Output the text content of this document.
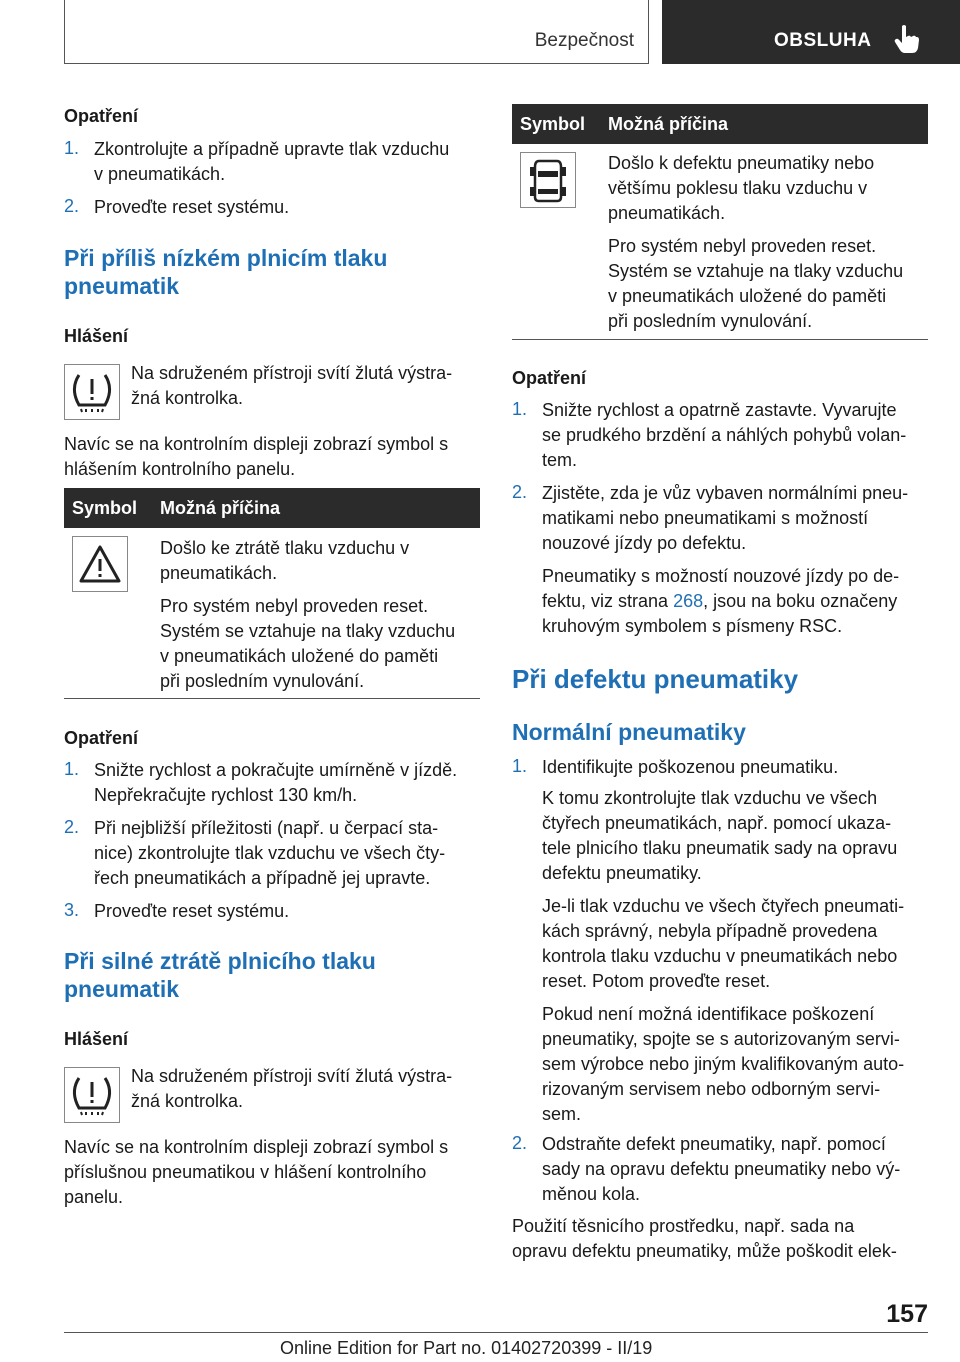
Bezpečnost	OBSLUHA
Opatření
1. Zkontrolujte a případně upravte tlak vzduchu
v pneumatikách.
2. Proveďte reset systému.
Při příliš nízkém plnicím tlaku
pneumatik
Hlášení
Na sdruženém přístroji svítí žlutá výstra-
žná kontrolka.
Navíc se na kontrolním displeji zobrazí symbol s
hlášením kontrolního panelu.
Symbol Možná příčina
Došlo ke ztrátě tlaku vzduchu v
pneumatikách.
Pro systém nebyl proveden reset.
Systém se vztahuje na tlaky vzduchu
v pneumatikách uložené do paměti
při posledním vynulování.
Opatření
1. Snižte rychlost a pokračujte umírněně v jízdě.
Nepřekračujte rychlost 130 km/h.
2. Při nejbližší příležitosti (např. u čerpací sta-
nice) zkontrolujte tlak vzduchu ve všech čty-
řech pneumatikách a případně jej upravte.
3. Proveďte reset systému.
Při silné ztrátě plnicího tlaku
pneumatik
Hlášení
Na sdruženém přístroji svítí žlutá výstra-
žná kontrolka.
Navíc se na kontrolním displeji zobrazí symbol s
příslušnou pneumatikou v hlášení kontrolního
panelu.
Symbol Možná příčina
Došlo k defektu pneumatiky nebo
většímu poklesu tlaku vzduchu v
pneumatikách.
Pro systém nebyl proveden reset.
Systém se vztahuje na tlaky vzduchu
v pneumatikách uložené do paměti
při posledním vynulování.
Opatření
1. Snižte rychlost a opatrně zastavte. Vyvarujte
se prudkého brzdění a náhlých pohybů volan-
tem.
2. Zjistěte, zda je vůz vybaven normálními pneu-
matikami nebo pneumatikami s možností
nouzové jízdy po defektu.
Pneumatiky s možností nouzové jízdy po de-
fektu, viz strana 268, jsou na boku označeny
kruhovým symbolem s písmeny RSC.
Při defektu pneumatiky
Normální pneumatiky
1. Identifikujte poškozenou pneumatiku.
K tomu zkontrolujte tlak vzduchu ve všech
čtyřech pneumatikách, např. pomocí ukaza-
tele plnicího tlaku pneumatik sady na opravu
defektu pneumatiky.
Je-li tlak vzduchu ve všech čtyřech pneumati-
kách správný, nebyla případně provedena
kontrola tlaku vzduchu v pneumatikách nebo
reset. Potom proveďte reset.
Pokud není možná identifikace poškození
pneumatiky, spojte se s autorizovaným servi-
sem výrobce nebo jiným kvalifikovaným auto-
rizovaným servisem nebo odborným servi-
sem.
2. Odstraňte defekt pneumatiky, např. pomocí
sady na opravu defektu pneumatiky nebo vý-
měnou kola.
Použití těsnicího prostředku, např. sada na
opravu defektu pneumatiky, může poškodit elek-
157
Online Edition for Part no. 01402720399 - II/19
